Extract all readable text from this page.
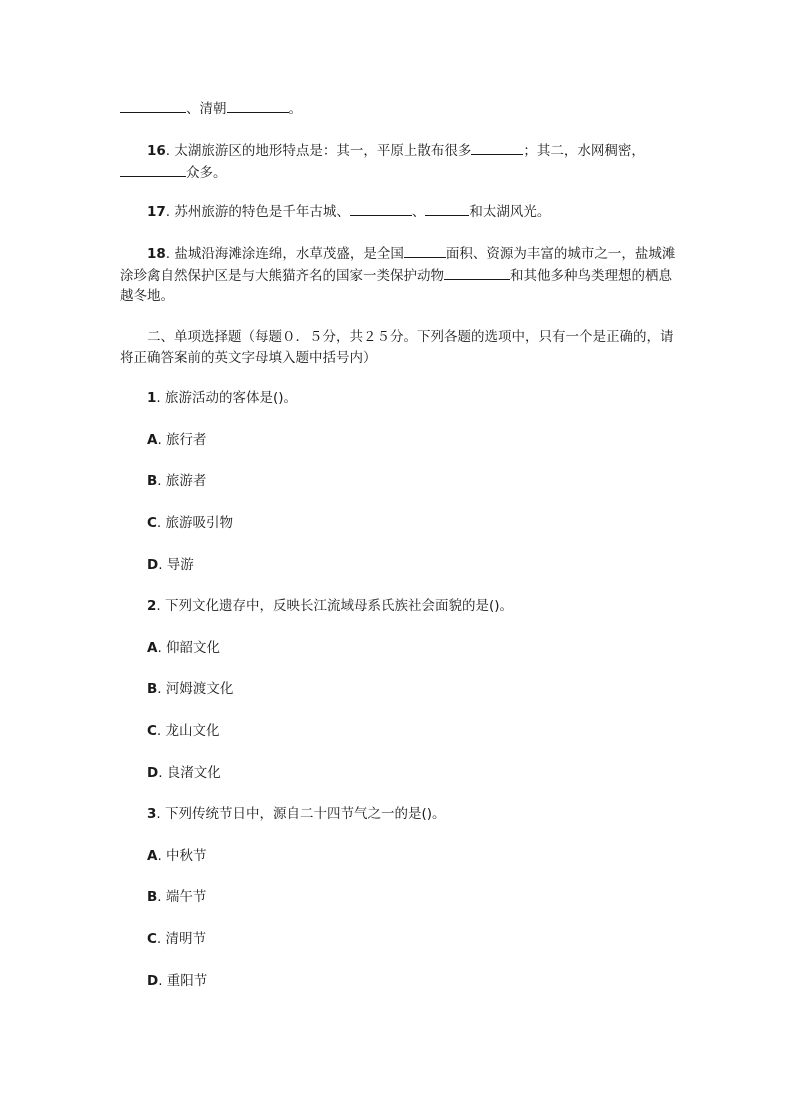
、清朝	。

16. 太湖旅游区的地形特点是：其一，平原上散布很多	；其二，水网稠密，众多。

17. 苏州旅游的特色是千年古城、	、	和太湖风光。

18. 盐城沿海滩涂连绵，水草茂盛，是全国	面积、资源为丰富的城市之一，盐城滩涂珍禽自然保护区是与大熊猫齐名的国家一类保护动物	和其他多种鸟类理想的栖息越冬地。
二、单项选择题（每题０．５分，共２５分。下列各题的选项中，只有一个是正确的，请将正确答案前的英文字母填入题中括号内）

1. 旅游活动的客体是()。

A. 旅行者

B. 旅游者

C. 旅游吸引物

D. 导游

2. 下列文化遗存中，反映长江流域母系氏族社会面貌的是()。

A. 仰韶文化

B. 河姆渡文化

C. 龙山文化

D. 良渚文化

3. 下列传统节日中，源自二十四节气之一的是()。

A. 中秋节

B. 端午节

C. 清明节

D. 重阳节
